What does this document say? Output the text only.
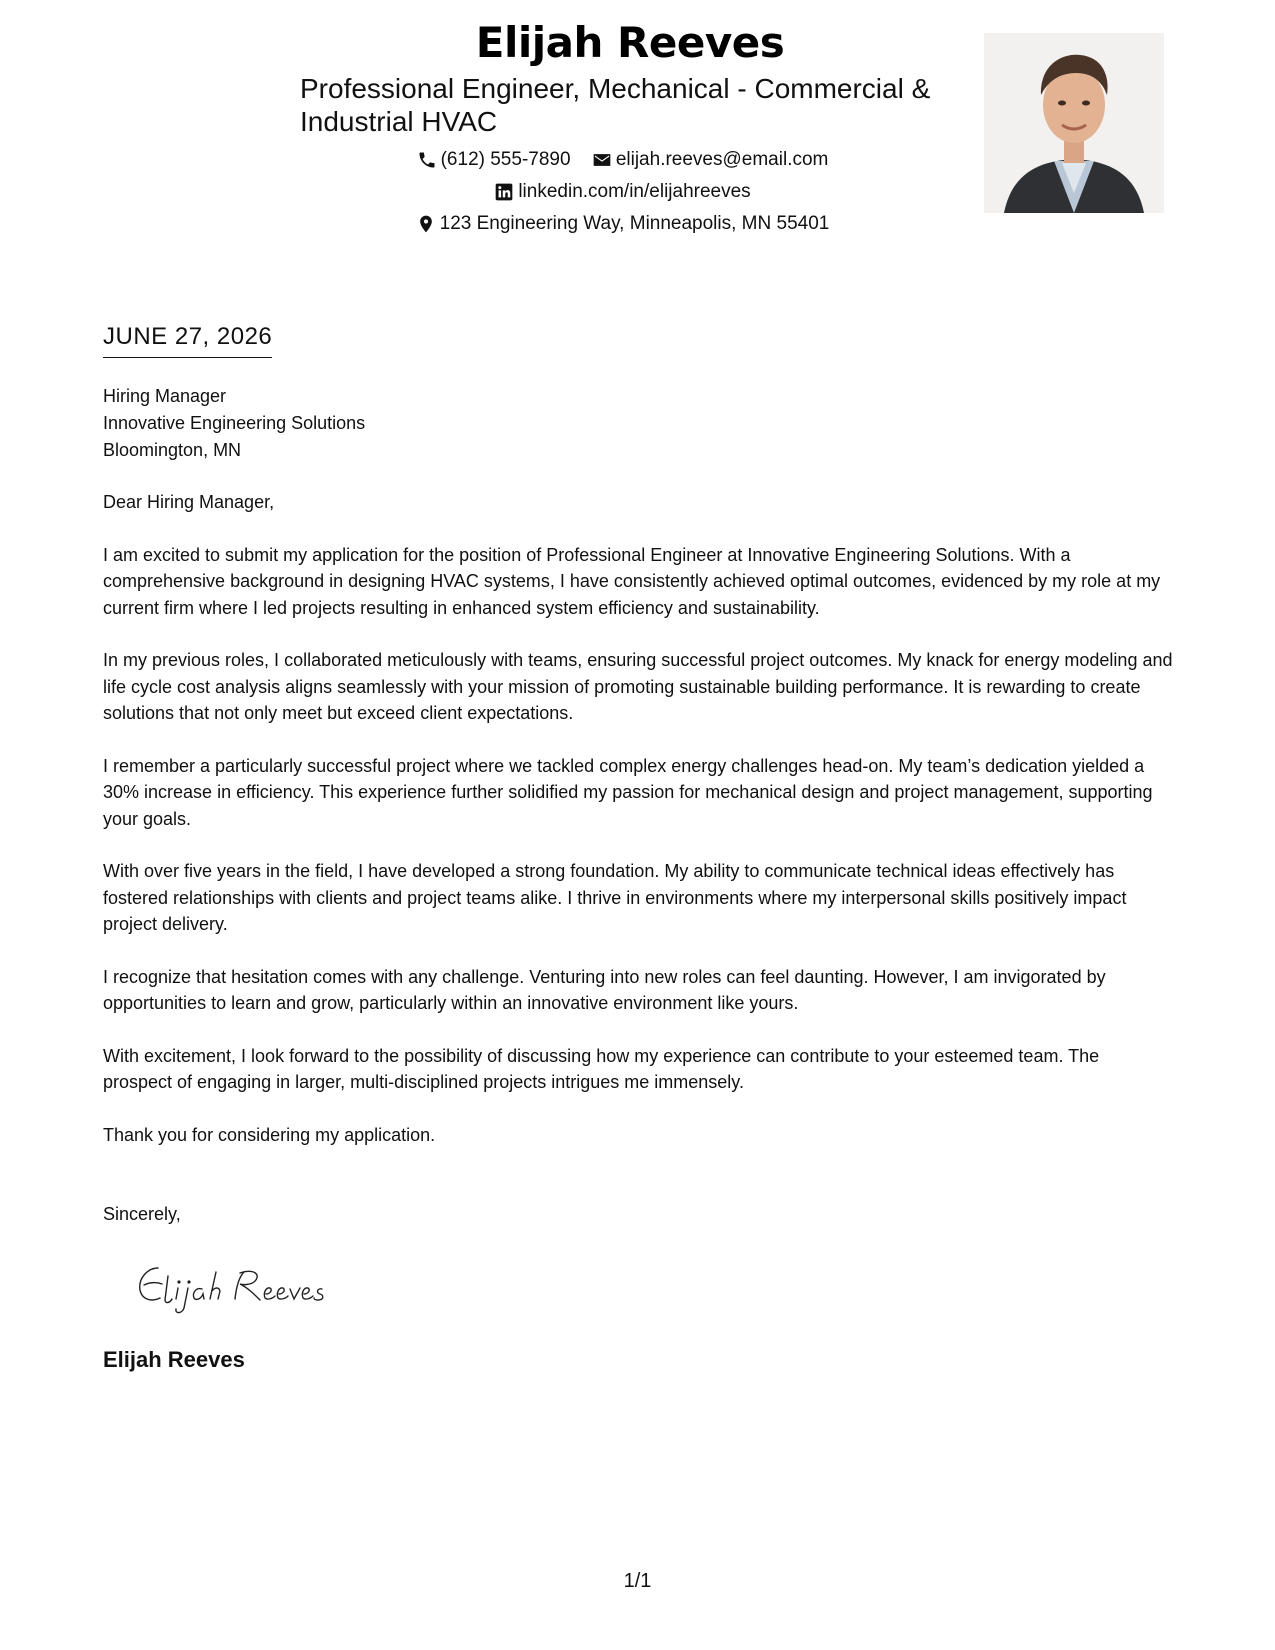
Elijah Reeves
Professional Engineer, Mechanical - Commercial &
Industrial HVAC
(612) 555-7890
elijah.reeves@email.com
linkedin.com/in/elijahreeves
123 Engineering Way, Minneapolis, MN 55401
JUNE 27, 2026
Hiring Manager
Innovative Engineering Solutions
Bloomington, MN

Dear Hiring Manager,

I am excited to submit my application for the position of Professional Engineer at Innovative Engineering Solutions. With a comprehensive background in designing HVAC systems, I have consistently achieved optimal outcomes, evidenced by my role at my current firm where I led projects resulting in enhanced system efficiency and sustainability.

In my previous roles, I collaborated meticulously with teams, ensuring successful project outcomes. My knack for energy modeling and life cycle cost analysis aligns seamlessly with your mission of promoting sustainable building performance. It is rewarding to create solutions that not only meet but exceed client expectations.

I remember a particularly successful project where we tackled complex energy challenges head-on. My team’s dedication yielded a 30% increase in efficiency. This experience further solidified my passion for mechanical design and project management, supporting your goals.

With over five years in the field, I have developed a strong foundation. My ability to communicate technical ideas effectively has fostered relationships with clients and project teams alike. I thrive in environments where my interpersonal skills positively impact project delivery.

I recognize that hesitation comes with any challenge. Venturing into new roles can feel daunting. However, I am invigorated by opportunities to learn and grow, particularly within an innovative environment like yours.

With excitement, I look forward to the possibility of discussing how my experience can contribute to your esteemed team. The prospect of engaging in larger, multi-disciplined projects intrigues me immensely.

Thank you for considering my application.

Sincerely,
Elijah Reeves
1/1
